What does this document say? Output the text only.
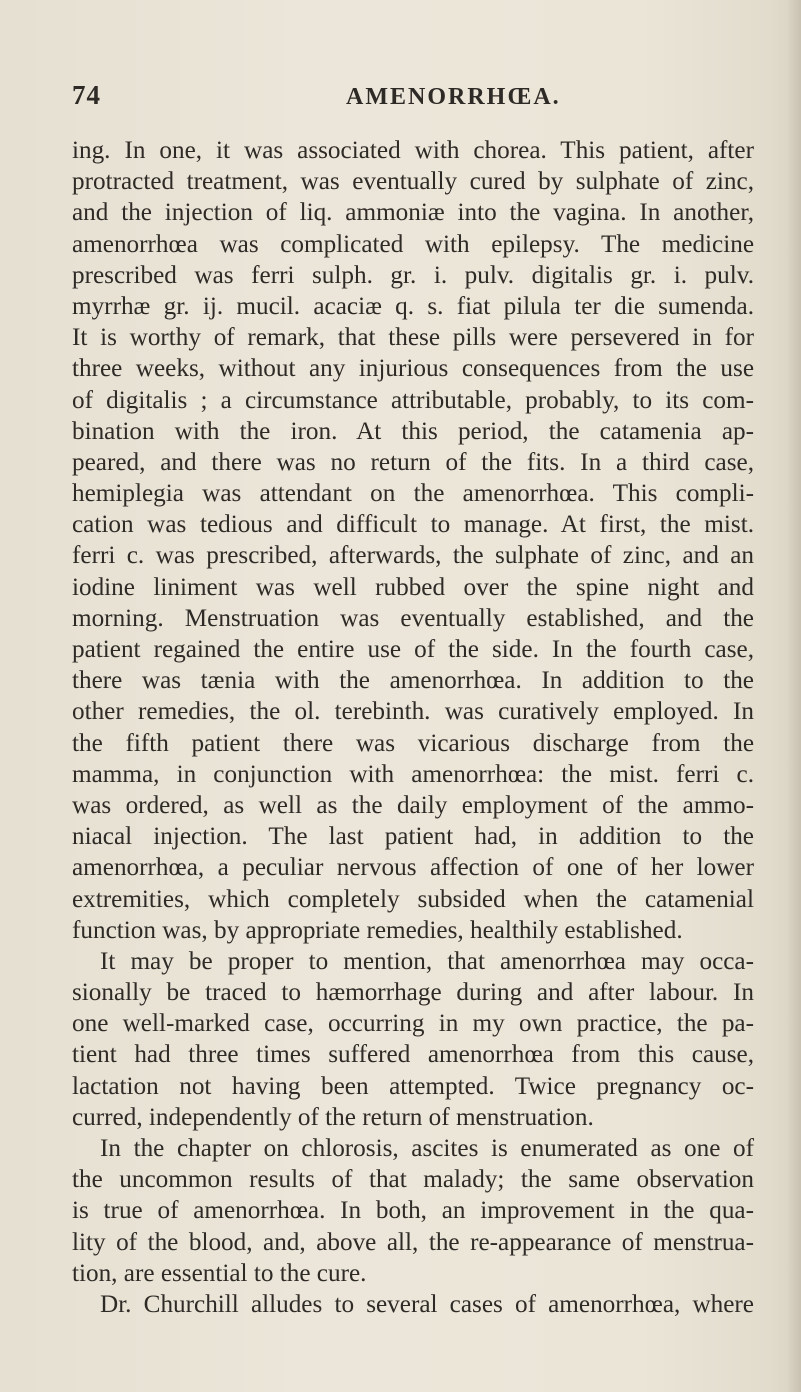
74	AMENORRHŒA.
ing. In one, it was associated with chorea. This patient, after
protracted treatment, was eventually cured by sulphate of zinc,
and the injection of liq. ammoniæ into the vagina. In another,
amenorrhœa was complicated with epilepsy. The medicine
prescribed was ferri sulph. gr. i. pulv. digitalis gr. i. pulv.
myrrhæ gr. ij. mucil. acaciæ q. s. fiat pilula ter die sumenda.
It is worthy of remark, that these pills were persevered in for
three weeks, without any injurious consequences from the use
of digitalis ; a circumstance attributable, probably, to its com-
bination with the iron. At this period, the catamenia ap-
peared, and there was no return of the fits. In a third case,
hemiplegia was attendant on the amenorrhœa. This compli-
cation was tedious and difficult to manage. At first, the mist.
ferri c. was prescribed, afterwards, the sulphate of zinc, and an
iodine liniment was well rubbed over the spine night and
morning. Menstruation was eventually established, and the
patient regained the entire use of the side. In the fourth case,
there was tænia with the amenorrhœa. In addition to the
other remedies, the ol. terebinth. was curatively employed. In
the fifth patient there was vicarious discharge from the
mamma, in conjunction with amenorrhœa: the mist. ferri c.
was ordered, as well as the daily employment of the ammo-
niacal injection. The last patient had, in addition to the
amenorrhœa, a peculiar nervous affection of one of her lower
extremities, which completely subsided when the catamenial
function was, by appropriate remedies, healthily established.
It may be proper to mention, that amenorrhœa may occa-
sionally be traced to hæmorrhage during and after labour. In
one well-marked case, occurring in my own practice, the pa-
tient had three times suffered amenorrhœa from this cause,
lactation not having been attempted. Twice pregnancy oc-
curred, independently of the return of menstruation.
In the chapter on chlorosis, ascites is enumerated as one of
the uncommon results of that malady; the same observation
is true of amenorrhœa. In both, an improvement in the qua-
lity of the blood, and, above all, the re-appearance of menstrua-
tion, are essential to the cure.
Dr. Churchill alludes to several cases of amenorrhœa, where
